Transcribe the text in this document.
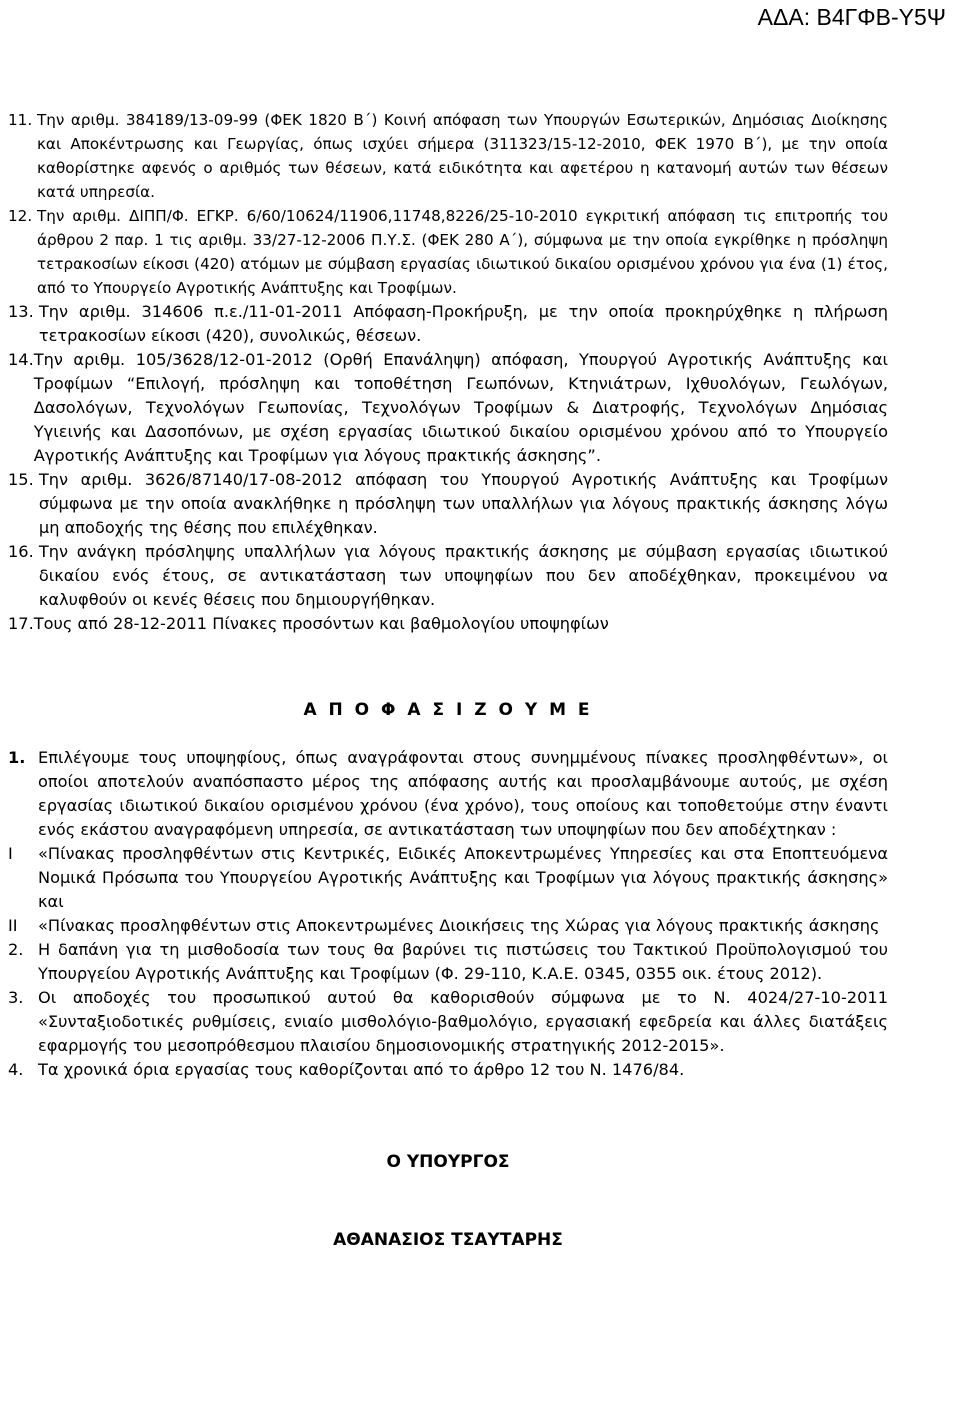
ΑΔΑ: Β4ΓΦΒ-Υ5Ψ
11. Την αριθμ. 384189/13-09-99 (ΦΕΚ 1820 Β΄) Κοινή απόφαση των Υπουργών Εσωτερικών, Δημόσιας Διοίκησης και Αποκέντρωσης και Γεωργίας, όπως ισχύει σήμερα (311323/15-12-2010, ΦΕΚ 1970 Β΄), με την οποία καθορίστηκε αφενός ο αριθμός των θέσεων, κατά ειδικότητα και αφετέρου η κατανομή αυτών των θέσεων κατά υπηρεσία.
12. Την αριθμ. ΔΙΠΠ/Φ. ΕΓΚΡ. 6/60/10624/11906,11748,8226/25-10-2010 εγκριτική απόφαση τις επιτροπής του άρθρου 2 παρ. 1 τις αριθμ. 33/27-12-2006 Π.Υ.Σ. (ΦΕΚ 280 Α΄), σύμφωνα με την οποία εγκρίθηκε η πρόσληψη τετρακοσίων είκοσι (420) ατόμων με σύμβαση εργασίας ιδιωτικού δικαίου ορισμένου χρόνου για ένα (1) έτος, από το Υπουργείο Αγροτικής Ανάπτυξης και Τροφίμων.
13. Την αριθμ. 314606 π.ε./11-01-2011 Απόφαση-Προκήρυξη, με την οποία προκηρύχθηκε η πλήρωση τετρακοσίων είκοσι (420), συνολικώς, θέσεων.
14. Την αριθμ. 105/3628/12-01-2012 (Ορθή Επανάληψη) απόφαση, Υπουργού Αγροτικής Ανάπτυξης και Τροφίμων “Επιλογή, πρόσληψη και τοποθέτηση Γεωπόνων, Κτηνιάτρων, Ιχθυολόγων, Γεωλόγων, Δασολόγων, Τεχνολόγων Γεωπονίας, Τεχνολόγων Τροφίμων & Διατροφής, Τεχνολόγων Δημόσιας Υγιεινής και Δασοπόνων, με σχέση εργασίας ιδιωτικού δικαίου ορισμένου χρόνου από το Υπουργείο Αγροτικής Ανάπτυξης και Τροφίμων για λόγους πρακτικής άσκησης”.
15. Την αριθμ. 3626/87140/17-08-2012 απόφαση του Υπουργού Αγροτικής Ανάπτυξης και Τροφίμων σύμφωνα με την οποία ανακλήθηκε η πρόσληψη των υπαλλήλων για λόγους πρακτικής άσκησης λόγω μη αποδοχής της θέσης που επιλέχθηκαν.
16. Την ανάγκη πρόσληψης υπαλλήλων για λόγους πρακτικής άσκησης με σύμβαση εργασίας ιδιωτικού δικαίου ενός έτους, σε αντικατάσταση των υποψηφίων που δεν αποδέχθηκαν, προκειμένου να καλυφθούν οι κενές θέσεις που δημιουργήθηκαν.
17. Τους από 28-12-2011 Πίνακες προσόντων και βαθμολογίου υποψηφίων
Α Π Ο Φ Α Σ Ι Ζ Ο Υ Μ Ε
1. Επιλέγουμε τους υποψηφίους, όπως αναγράφονται στους συνημμένους πίνακες προσληφθέντων», οι οποίοι αποτελούν αναπόσπαστο μέρος της απόφασης αυτής και προσλαμβάνουμε αυτούς, με σχέση εργασίας ιδιωτικού δικαίου ορισμένου χρόνου (ένα χρόνο), τους οποίους και τοποθετούμε στην έναντι ενός εκάστου αναγραφόμενη υπηρεσία, σε αντικατάσταση των υποψηφίων που δεν αποδέχτηκαν :
Ι	«Πίνακας προσληφθέντων στις Κεντρικές, Ειδικές Αποκεντρωμένες Υπηρεσίες και στα Εποπτευόμενα Νομικά Πρόσωπα του Υπουργείου Αγροτικής Ανάπτυξης και Τροφίμων για λόγους πρακτικής άσκησης» και
ΙΙ	«Πίνακας προσληφθέντων στις Αποκεντρωμένες Διοικήσεις της Χώρας για λόγους πρακτικής άσκησης
2. Η δαπάνη για τη μισθοδοσία των τους θα βαρύνει τις πιστώσεις του Τακτικού Προϋπολογισμού του Υπουργείου Αγροτικής Ανάπτυξης και Τροφίμων (Φ. 29-110, Κ.Α.Ε. 0345, 0355 οικ. έτους 2012).
3. Οι αποδοχές του προσωπικού αυτού θα καθορισθούν σύμφωνα με το Ν. 4024/27-10-2011 «Συνταξιοδοτικές ρυθμίσεις, ενιαίο μισθολόγιο-βαθμολόγιο, εργασιακή εφεδρεία και άλλες διατάξεις εφαρμογής του μεσοπρόθεσμου πλαισίου δημοσιονομικής στρατηγικής 2012-2015».
4. Τα χρονικά όρια εργασίας τους καθορίζονται από το άρθρο 12 του Ν. 1476/84.
Ο ΥΠΟΥΡΓΟΣ
ΑΘΑΝΑΣΙΟΣ ΤΣΑΥΤΑΡΗΣ
